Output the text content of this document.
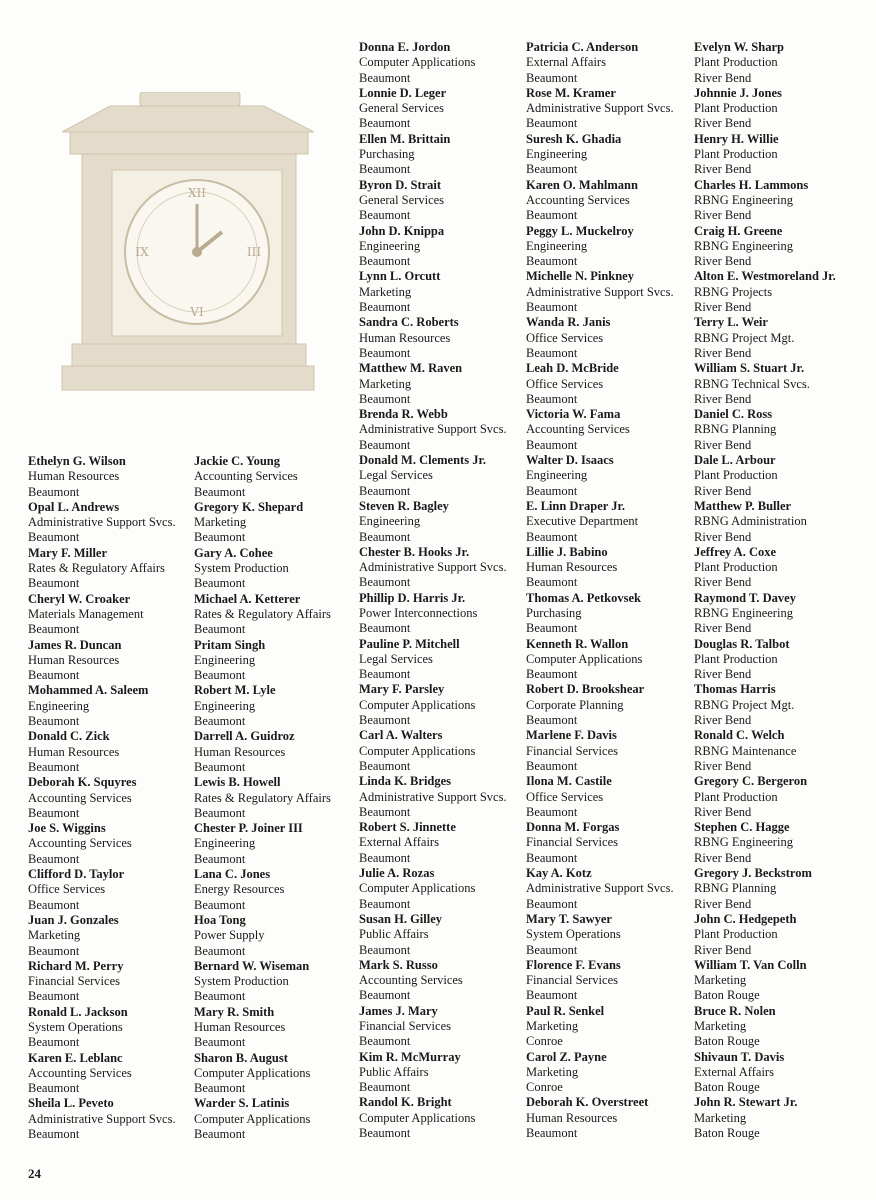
XII
III
VI
IX
Ethelyn G. Wilson
Human Resources
Beaumont
Opal L. Andrews
Administrative Support Svcs.
Beaumont
Mary F. Miller
Rates & Regulatory Affairs
Beaumont
Cheryl W. Croaker
Materials Management
Beaumont
James R. Duncan
Human Resources
Beaumont
Mohammed A. Saleem
Engineering
Beaumont
Donald C. Zick
Human Resources
Beaumont
Deborah K. Squyres
Accounting Services
Beaumont
Joe S. Wiggins
Accounting Services
Beaumont
Clifford D. Taylor
Office Services
Beaumont
Juan J. Gonzales
Marketing
Beaumont
Richard M. Perry
Financial Services
Beaumont
Ronald L. Jackson
System Operations
Beaumont
Karen E. Leblanc
Accounting Services
Beaumont
Sheila L. Peveto
Administrative Support Svcs.
Beaumont
Jackie C. Young
Accounting Services
Beaumont
Gregory K. Shepard
Marketing
Beaumont
Gary A. Cohee
System Production
Beaumont
Michael A. Ketterer
Rates & Regulatory Affairs
Beaumont
Pritam Singh
Engineering
Beaumont
Robert M. Lyle
Engineering
Beaumont
Darrell A. Guidroz
Human Resources
Beaumont
Lewis B. Howell
Rates & Regulatory Affairs
Beaumont
Chester P. Joiner III
Engineering
Beaumont
Lana C. Jones
Energy Resources
Beaumont
Hoa Tong
Power Supply
Beaumont
Bernard W. Wiseman
System Production
Beaumont
Mary R. Smith
Human Resources
Beaumont
Sharon B. August
Computer Applications
Beaumont
Warder S. Latinis
Computer Applications
Beaumont
Donna E. Jordon
Computer Applications
Beaumont
Lonnie D. Leger
General Services
Beaumont
Ellen M. Brittain
Purchasing
Beaumont
Byron D. Strait
General Services
Beaumont
John D. Knippa
Engineering
Beaumont
Lynn L. Orcutt
Marketing
Beaumont
Sandra C. Roberts
Human Resources
Beaumont
Matthew M. Raven
Marketing
Beaumont
Brenda R. Webb
Administrative Support Svcs.
Beaumont
Donald M. Clements Jr.
Legal Services
Beaumont
Steven R. Bagley
Engineering
Beaumont
Chester B. Hooks Jr.
Administrative Support Svcs.
Beaumont
Phillip D. Harris Jr.
Power Interconnections
Beaumont
Pauline P. Mitchell
Legal Services
Beaumont
Mary F. Parsley
Computer Applications
Beaumont
Carl A. Walters
Computer Applications
Beaumont
Linda K. Bridges
Administrative Support Svcs.
Beaumont
Robert S. Jinnette
External Affairs
Beaumont
Julie A. Rozas
Computer Applications
Beaumont
Susan H. Gilley
Public Affairs
Beaumont
Mark S. Russo
Accounting Services
Beaumont
James J. Mary
Financial Services
Beaumont
Kim R. McMurray
Public Affairs
Beaumont
Randol K. Bright
Computer Applications
Beaumont
Patricia C. Anderson
External Affairs
Beaumont
Rose M. Kramer
Administrative Support Svcs.
Beaumont
Suresh K. Ghadia
Engineering
Beaumont
Karen O. Mahlmann
Accounting Services
Beaumont
Peggy L. Muckelroy
Engineering
Beaumont
Michelle N. Pinkney
Administrative Support Svcs.
Beaumont
Wanda R. Janis
Office Services
Beaumont
Leah D. McBride
Office Services
Beaumont
Victoria W. Fama
Accounting Services
Beaumont
Walter D. Isaacs
Engineering
Beaumont
E. Linn Draper Jr.
Executive Department
Beaumont
Lillie J. Babino
Human Resources
Beaumont
Thomas A. Petkovsek
Purchasing
Beaumont
Kenneth R. Wallon
Computer Applications
Beaumont
Robert D. Brookshear
Corporate Planning
Beaumont
Marlene F. Davis
Financial Services
Beaumont
Ilona M. Castile
Office Services
Beaumont
Donna M. Forgas
Financial Services
Beaumont
Kay A. Kotz
Administrative Support Svcs.
Beaumont
Mary T. Sawyer
System Operations
Beaumont
Florence F. Evans
Financial Services
Beaumont
Paul R. Senkel
Marketing
Conroe
Carol Z. Payne
Marketing
Conroe
Deborah K. Overstreet
Human Resources
Beaumont
Evelyn W. Sharp
Plant Production
River Bend
Johnnie J. Jones
Plant Production
River Bend
Henry H. Willie
Plant Production
River Bend
Charles H. Lammons
RBNG Engineering
River Bend
Craig H. Greene
RBNG Engineering
River Bend
Alton E. Westmoreland Jr.
RBNG Projects
River Bend
Terry L. Weir
RBNG Project Mgt.
River Bend
William S. Stuart Jr.
RBNG Technical Svcs.
River Bend
Daniel C. Ross
RBNG Planning
River Bend
Dale L. Arbour
Plant Production
River Bend
Matthew P. Buller
RBNG Administration
River Bend
Jeffrey A. Coxe
Plant Production
River Bend
Raymond T. Davey
RBNG Engineering
River Bend
Douglas R. Talbot
Plant Production
River Bend
Thomas Harris
RBNG Project Mgt.
River Bend
Ronald C. Welch
RBNG Maintenance
River Bend
Gregory C. Bergeron
Plant Production
River Bend
Stephen C. Hagge
RBNG Engineering
River Bend
Gregory J. Beckstrom
RBNG Planning
River Bend
John C. Hedgepeth
Plant Production
River Bend
William T. Van Colln
Marketing
Baton Rouge
Bruce R. Nolen
Marketing
Baton Rouge
Shivaun T. Davis
External Affairs
Baton Rouge
John R. Stewart Jr.
Marketing
Baton Rouge
24
